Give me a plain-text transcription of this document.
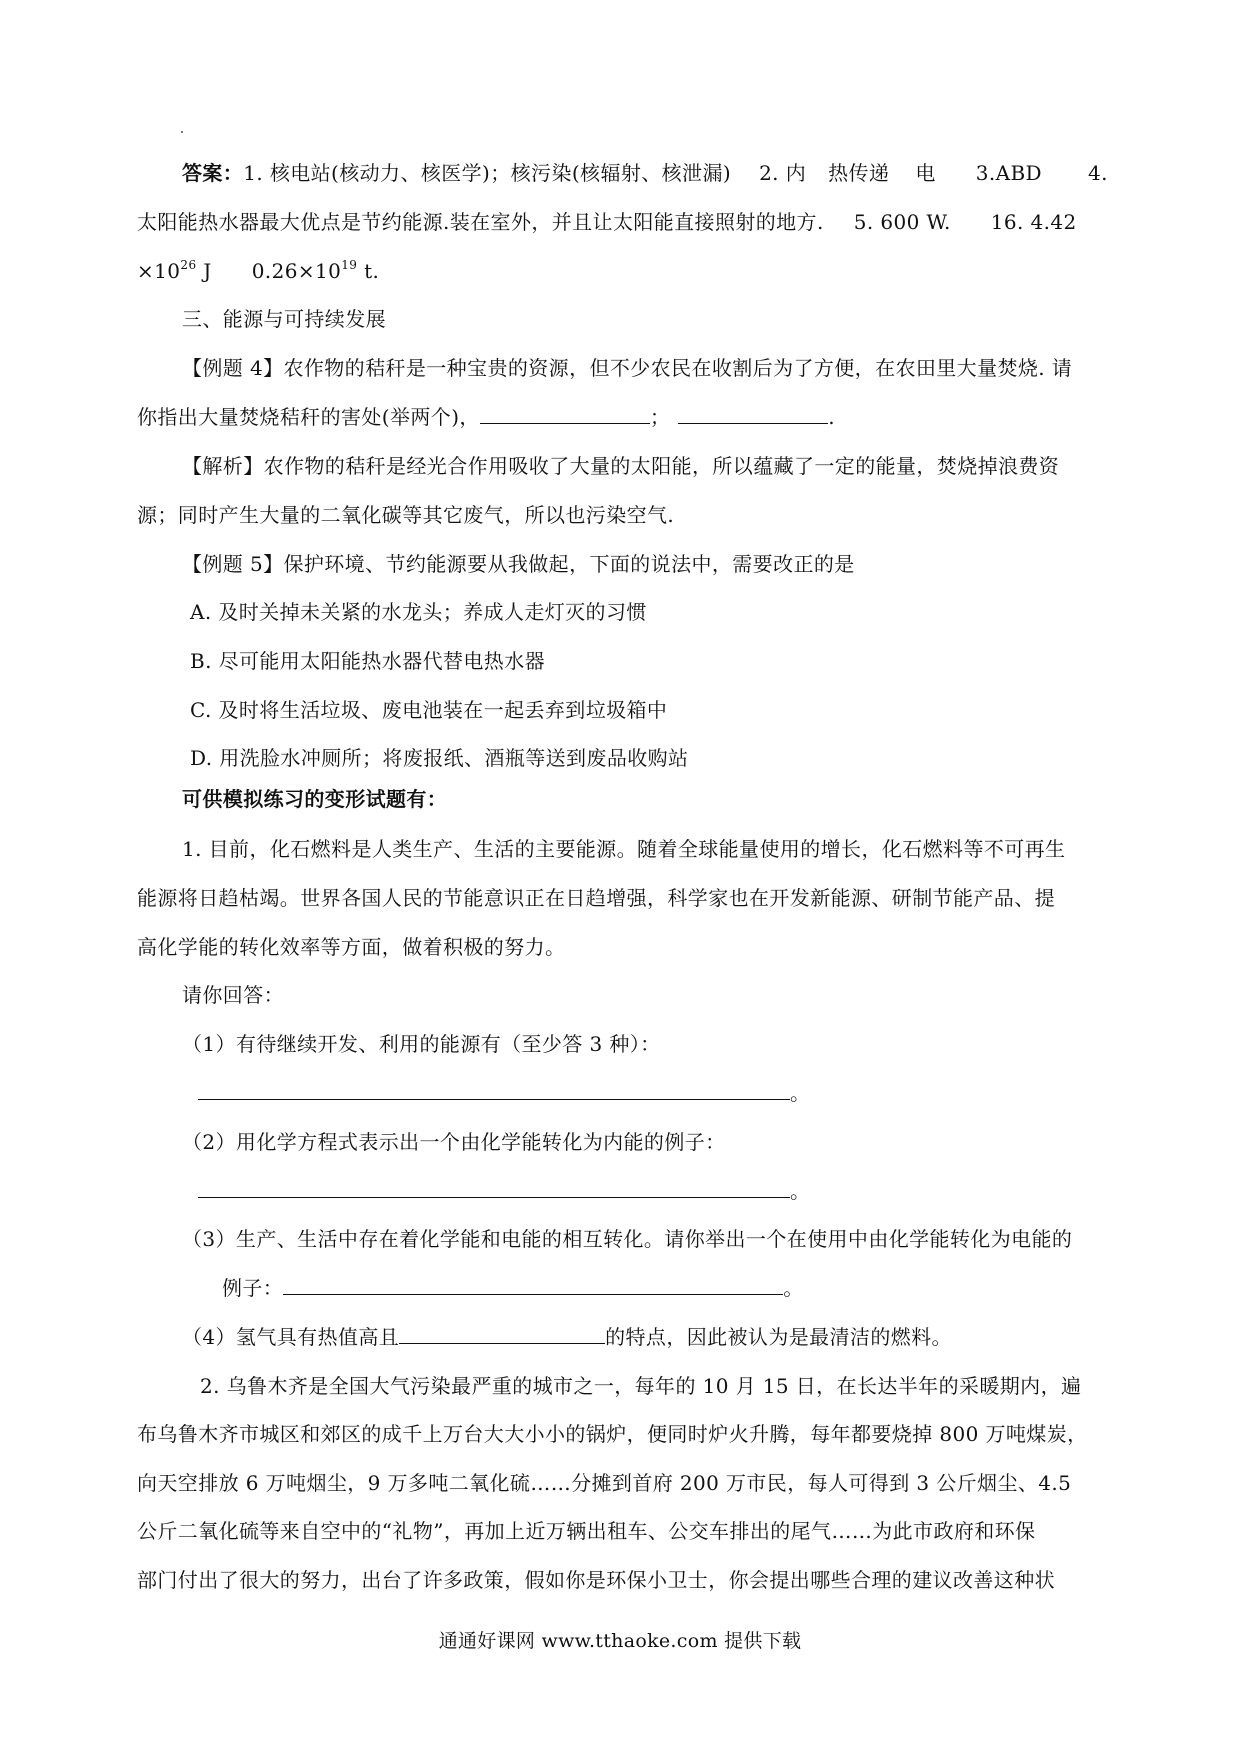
答案：1. 核电站(核动力、核医学)；核污染(核辐射、核泄漏) 2. 内 热传递 电 3.ABD 4.
太阳能热水器最大优点是节约能源.装在室外，并且让太阳能直接照射的地方. 5. 600 W. 16. 4.42
$\times 10^{26}$ J $0.26\times 10^{19}$ t.
三、能源与可持续发展
【例题 4】农作物的秸秆是一种宝贵的资源，但不少农民在收割后为了方便，在农田里大量焚烧. 请
你指出大量焚烧秸秆的害处(举两个)，	；	.
【解析】农作物的秸秆是经光合作用吸收了大量的太阳能，所以蕴藏了一定的能量，焚烧掉浪费资
源；同时产生大量的二氧化碳等其它废气，所以也污染空气.
【例题 5】保护环境、节约能源要从我做起，下面的说法中，需要改正的是
A. 及时关掉未关紧的水龙头；养成人走灯灭的习惯
B. 尽可能用太阳能热水器代替电热水器
C. 及时将生活垃圾、废电池装在一起丢弃到垃圾箱中
D. 用洗脸水冲厕所；将废报纸、酒瓶等送到废品收购站
可供模拟练习的变形试题有：
1. 目前，化石燃料是人类生产、生活的主要能源。随着全球能量使用的增长，化石燃料等不可再生
能源将日趋枯竭。世界各国人民的节能意识正在日趋增强，科学家也在开发新能源、研制节能产品、提
高化学能的转化效率等方面，做着积极的努力。
请你回答：
（1）有待继续开发、利用的能源有（至少答 3 种）：
。
（2）用化学方程式表示出一个由化学能转化为内能的例子：
。
（3）生产、生活中存在着化学能和电能的相互转化。请你举出一个在使用中由化学能转化为电能的
例子：	。
（4）氢气具有热值高且	的特点，因此被认为是最清洁的燃料。
2. 乌鲁木齐是全国大气污染最严重的城市之一，每年的 10 月 15 日，在长达半年的采暖期内，遍
布乌鲁木齐市城区和郊区的成千上万台大大小小的锅炉，便同时炉火升腾，每年都要烧掉 800 万吨煤炭，
向天空排放 6 万吨烟尘，9 万多吨二氧化硫……分摊到首府 200 万市民，每人可得到 3 公斤烟尘、4.5
公斤二氧化硫等来自空中的“礼物”，再加上近万辆出租车、公交车排出的尾气……为此市政府和环保
部门付出了很大的努力，出台了许多政策，假如你是环保小卫士，你会提出哪些合理的建议改善这种状
通通好课网 www.tthaoke.com 提供下载
